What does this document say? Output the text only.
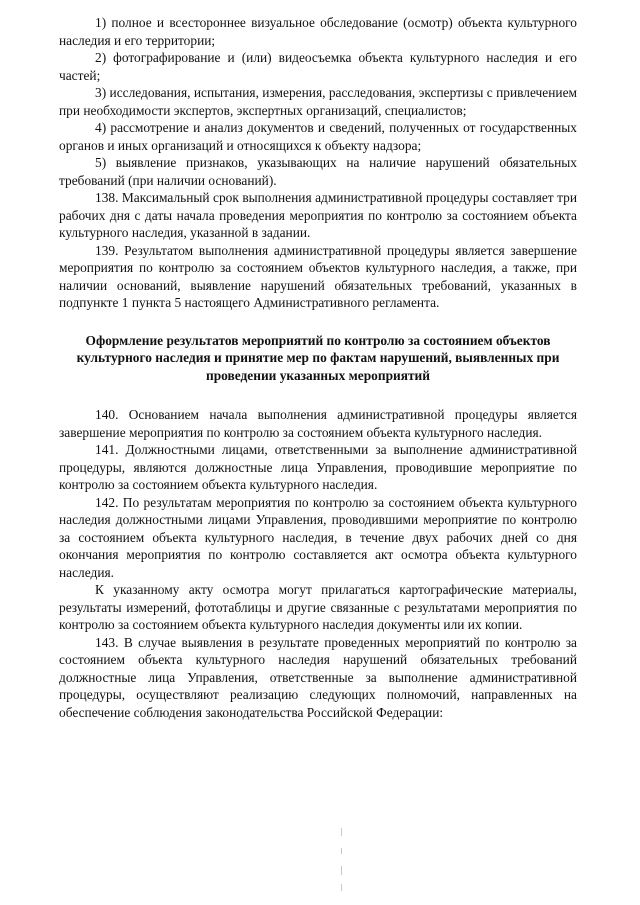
1) полное и всестороннее визуальное обследование (осмотр) объекта культурного наследия и его территории;

2) фотографирование и (или) видеосъемка объекта культурного наследия и его частей;

3) исследования, испытания, измерения, расследования, экспертизы с привлечением при необходимости экспертов, экспертных организаций, специалистов;

4) рассмотрение и анализ документов и сведений, полученных от государственных органов и иных организаций и относящихся к объекту надзора;

5) выявление признаков, указывающих на наличие нарушений обязательных требований (при наличии оснований).

138. Максимальный срок выполнения административной процедуры составляет три рабочих дня с даты начала проведения мероприятия по контролю за состоянием объекта культурного наследия, указанной в задании.

139. Результатом выполнения административной процедуры является завершение мероприятия по контролю за состоянием объектов культурного наследия, а также, при наличии оснований, выявление нарушений обязательных требований, указанных в подпункте 1 пункта 5 настоящего Административного регламента.

Оформление результатов мероприятий по контролю за состоянием объектов культурного наследия и принятие мер по фактам нарушений, выявленных при проведении указанных мероприятий

140. Основанием начала выполнения административной процедуры является завершение мероприятия по контролю за состоянием объекта культурного наследия.

141. Должностными лицами, ответственными за выполнение административной процедуры, являются должностные лица Управления, проводившие мероприятие по контролю за состоянием объекта культурного наследия.

142. По результатам мероприятия по контролю за состоянием объекта культурного наследия должностными лицами Управления, проводившими мероприятие по контролю за состоянием объекта культурного наследия, в течение двух рабочих дней со дня окончания мероприятия по контролю составляется акт осмотра объекта культурного наследия.

К указанному акту осмотра могут прилагаться картографические материалы, результаты измерений, фототаблицы и другие связанные с результатами мероприятия по контролю за состоянием объекта культурного наследия документы или их копии.

143. В случае выявления в результате проведенных мероприятий по контролю за состоянием объекта культурного наследия нарушений обязательных требований должностные лица Управления, ответственные за выполнение административной процедуры, осуществляют реализацию следующих полномочий, направленных на обеспечение соблюдения законодательства Российской Федерации:
